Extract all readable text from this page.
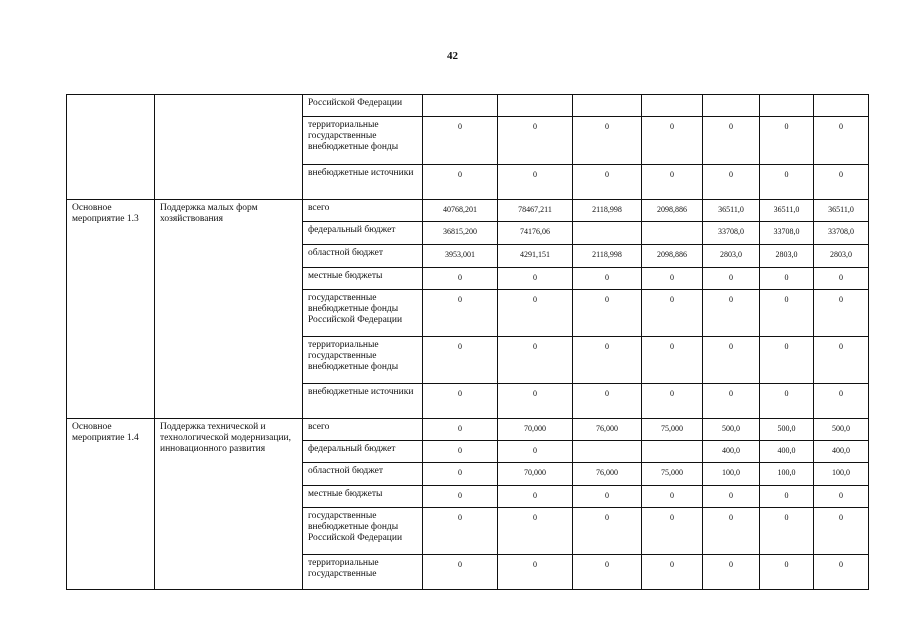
42
		Российской Федерации							
		территориальные государственные внебюджетные фонды	0	0	0	0	0	0	0
		внебюджетные источники	0	0	0	0	0	0	0
Основное мероприятие 1.3	Поддержка малых форм хозяйствования	всего	40768,201	78467,211	2118,998	2098,886	36511,0	36511,0	36511,0
		федеральный бюджет	36815,200	74176,06			33708,0	33708,0	33708,0
		областной бюджет	3953,001	4291,151	2118,998	2098,886	2803,0	2803,0	2803,0
		местные бюджеты	0	0	0	0	0	0	0
		государственные внебюджетные фонды Российской Федерации	0	0	0	0	0	0	0
		территориальные государственные внебюджетные фонды	0	0	0	0	0	0	0
		внебюджетные источники	0	0	0	0	0	0	0
Основное мероприятие 1.4	Поддержка технической и технологической модернизации, инновационного развития	всего	0	70,000	76,000	75,000	500,0	500,0	500,0
		федеральный бюджет	0	0			400,0	400,0	400,0
		областной бюджет	0	70,000	76,000	75,000	100,0	100,0	100,0
		местные бюджеты	0	0	0	0	0	0	0
		государственные внебюджетные фонды Российской Федерации	0	0	0	0	0	0	0
		территориальные государственные	0	0	0	0	0	0	0
